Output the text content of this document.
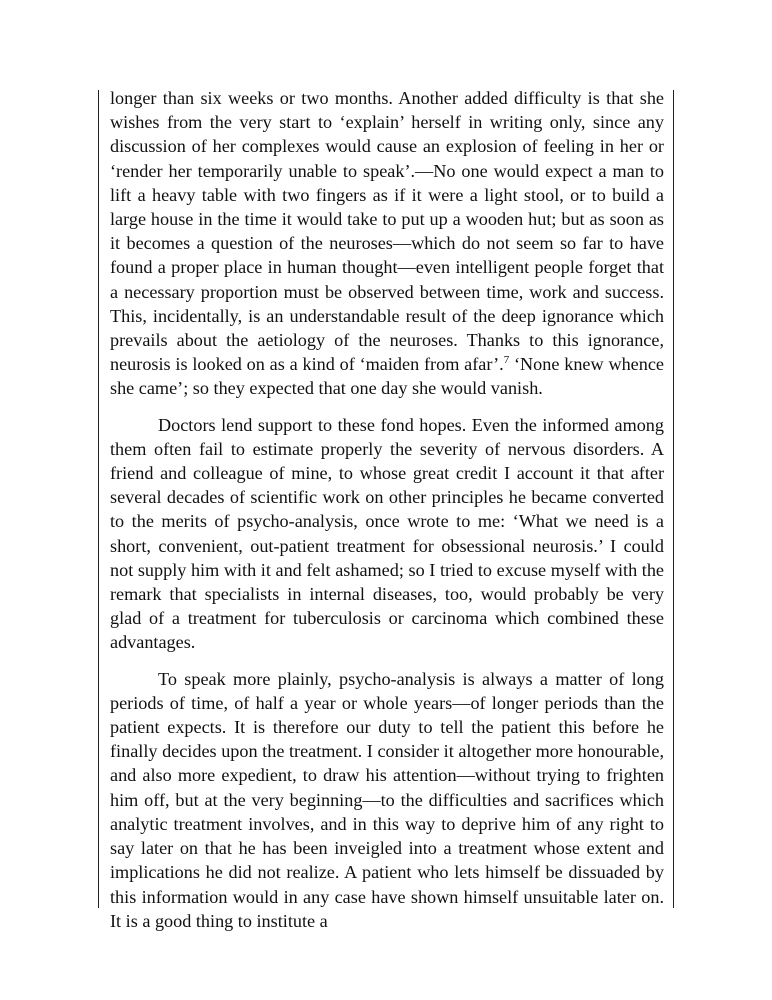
longer than six weeks or two months. Another added difficulty is that she wishes from the very start to ‘explain’ herself in writing only, since any discussion of her complexes would cause an explosion of feeling in her or ‘render her temporarily unable to speak’.—No one would expect a man to lift a heavy table with two fingers as if it were a light stool, or to build a large house in the time it would take to put up a wooden hut; but as soon as it becomes a question of the neuroses—which do not seem so far to have found a proper place in human thought—even intelligent people forget that a necessary proportion must be observed between time, work and success. This, incidentally, is an understandable result of the deep ignorance which prevails about the aetiology of the neuroses. Thanks to this ignorance, neurosis is looked on as a kind of ‘maiden from afar’.$^7$ ‘None knew whence she came’; so they expected that one day she would vanish.

Doctors lend support to these fond hopes. Even the informed among them often fail to estimate properly the severity of nervous disorders. A friend and colleague of mine, to whose great credit I account it that after several decades of scientific work on other principles he became converted to the merits of psycho-analysis, once wrote to me: ‘What we need is a short, convenient, out-patient treatment for obsessional neurosis.’ I could not supply him with it and felt ashamed; so I tried to excuse myself with the remark that specialists in internal diseases, too, would probably be very glad of a treatment for tuberculosis or carcinoma which combined these advantages.

To speak more plainly, psycho-analysis is always a matter of long periods of time, of half a year or whole years—of longer periods than the patient expects. It is therefore our duty to tell the patient this before he finally decides upon the treatment. I consider it altogether more honourable, and also more expedient, to draw his attention—without trying to frighten him off, but at the very beginning—to the difficulties and sacrifices which analytic treatment involves, and in this way to deprive him of any right to say later on that he has been inveigled into a treatment whose extent and implications he did not realize. A patient who lets himself be dissuaded by this information would in any case have shown himself unsuitable later on. It is a good thing to institute a
